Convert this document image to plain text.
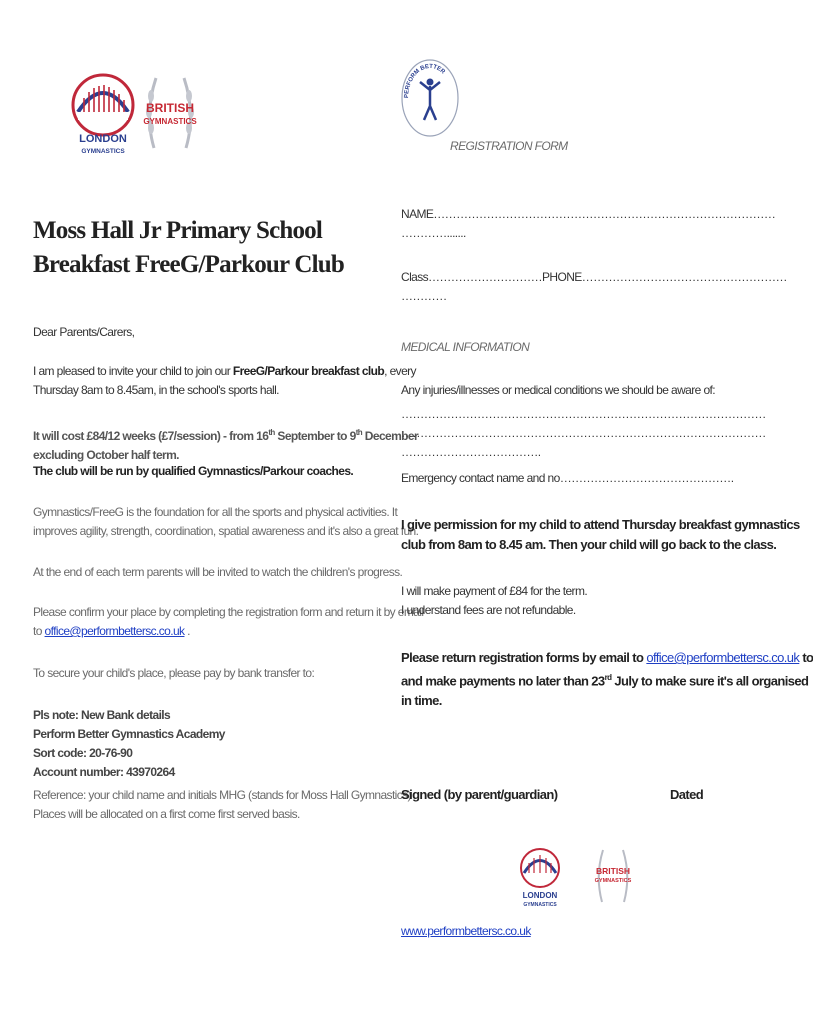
LONDON
GYMNASTICS
BRITISH
GYMNASTICS
PERFORM BETTER
REGISTRATION FORM
Moss Hall Jr Primary School
Breakfast FreeG/Parkour Club
Dear Parents/Carers,
I am pleased to invite your child to join our FreeG/Parkour breakfast club, every
Thursday 8am to 8.45am, in the school's sports hall.
It will cost £84/12 weeks (£7/session) - from 16th September to 9th December
excluding October half term.
The club will be run by qualified Gymnastics/Parkour coaches.
Gymnastics/FreeG is the foundation for all the sports and physical activities. It
improves agility, strength, coordination, spatial awareness and it's also a great fun.
At the end of each term parents will be invited to watch the children's progress.
Please confirm your place by completing the registration form and return it by email
to office@performbettersc.co.uk .
To secure your child's place, please pay by bank transfer to:
Pls note: New Bank details
Perform Better Gymnastics Academy
Sort code: 20-76-90
Account number: 43970264
Reference: your child name and initials MHG (stands for Moss Hall Gymnastics)
Places will be allocated on a first come first served basis.
NAME………………………………………………………………………………
………….......
Class…………………………PHONE………………………………………………
…………
MEDICAL INFORMATION
Any injuries/illnesses or medical conditions we should be aware of:
……………………………………………………………………………………
……………………………………………………………………………………
……………………………….
Emergency contact name and no……………………………………….
I give permission for my child to attend Thursday breakfast gymnastics
club from 8am to 8.45 am. Then your child will go back to the class.
I will make payment of £84 for the term.
I understand fees are not refundable.
Please return registration forms by email to office@performbettersc.co.uk to
and make payments no later than 23rd July to make sure it's all organised
in time.
Signed (by parent/guardian)	Dated
LONDON
GYMNASTICS
BRITISH
GYMNASTICS
www.performbettersc.co.uk
